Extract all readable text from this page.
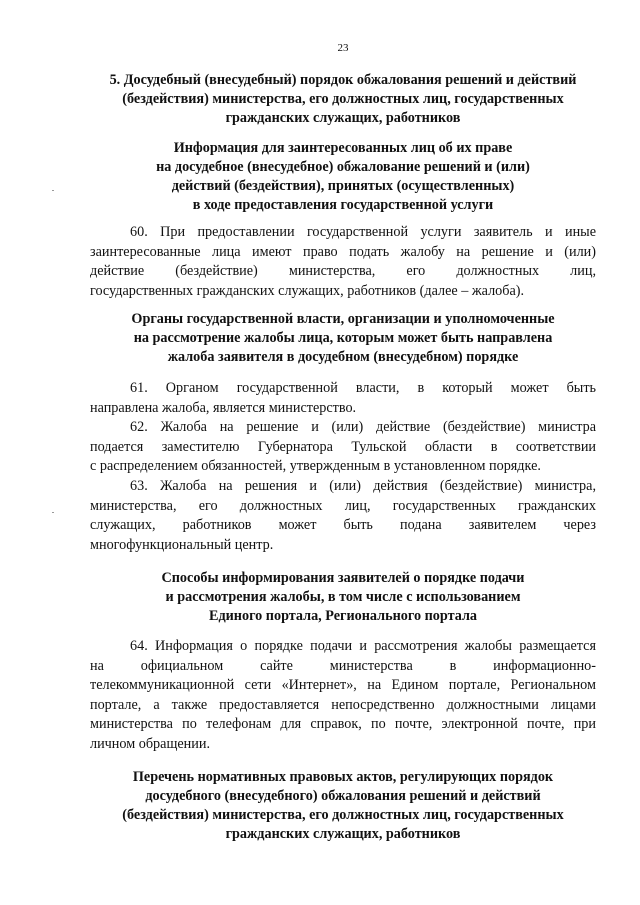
23
5. Досудебный (внесудебный) порядок обжалования решений и действий
(бездействия) министерства, его должностных лиц, государственных
гражданских служащих, работников
Информация для заинтересованных лиц об их праве
на досудебное (внесудебное) обжалование решений и (или)
действий (бездействия), принятых (осуществленных)
в ходе предоставления государственной услуги
60. При предоставлении государственной услуги заявитель и иные
заинтересованные лица имеют право подать жалобу на решение и (или)
действие (бездействие) министерства, его должностных лиц,
государственных гражданских служащих, работников (далее – жалоба).
Органы государственной власти, организации и уполномоченные
на рассмотрение жалобы лица, которым может быть направлена
жалоба заявителя в досудебном (внесудебном) порядке
61. Органом государственной власти, в который может быть
направлена жалоба, является министерство.
62. Жалоба на решение и (или) действие (бездействие) министра
подается заместителю Губернатора Тульской области в соответствии
с распределением обязанностей, утвержденным в установленном порядке.
63. Жалоба на решения и (или) действия (бездействие) министра,
министерства, его должностных лиц, государственных гражданских
служащих, работников может быть подана заявителем через
многофункциональный центр.
Способы информирования заявителей о порядке подачи
и рассмотрения жалобы, в том числе с использованием
Единого портала, Регионального портала
64. Информация о порядке подачи и рассмотрения жалобы размещается
на официальном сайте министерства в информационно-
телекоммуникационной сети «Интернет», на Едином портале, Региональном
портале, а также предоставляется непосредственно должностными лицами
министерства по телефонам для справок, по почте, электронной почте, при
личном обращении.
Перечень нормативных правовых актов, регулирующих порядок
досудебного (внесудебного) обжалования решений и действий
(бездействия) министерства, его должностных лиц, государственных
гражданских служащих, работников
